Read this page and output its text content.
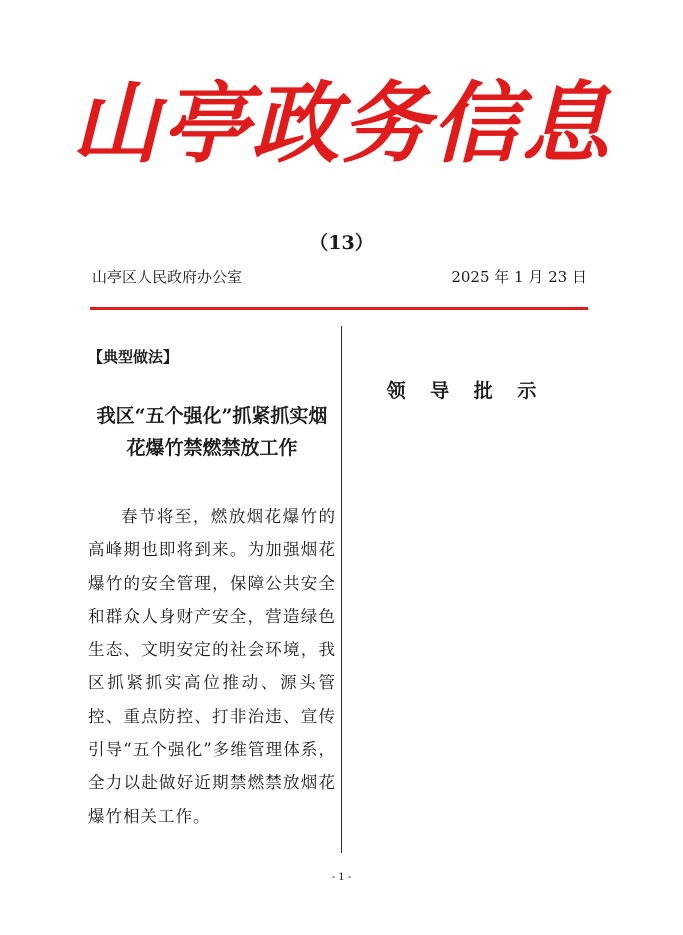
山亭政务信息
（13）
山亭区人民政府办公室	2025 年 1 月 23 日
【典型做法】
我区“五个强化”抓紧抓实烟花爆竹禁燃禁放工作
春节将至，燃放烟花爆竹的高峰期也即将到来。为加强烟花爆竹的安全管理，保障公共安全和群众人身财产安全，营造绿色生态、文明安定的社会环境，我区抓紧抓实高位推动、源头管控、重点防控、打非治违、宣传引导“五个强化”多维管理体系，全力以赴做好近期禁燃禁放烟花爆竹相关工作。
领 导 批 示
- 1 -
